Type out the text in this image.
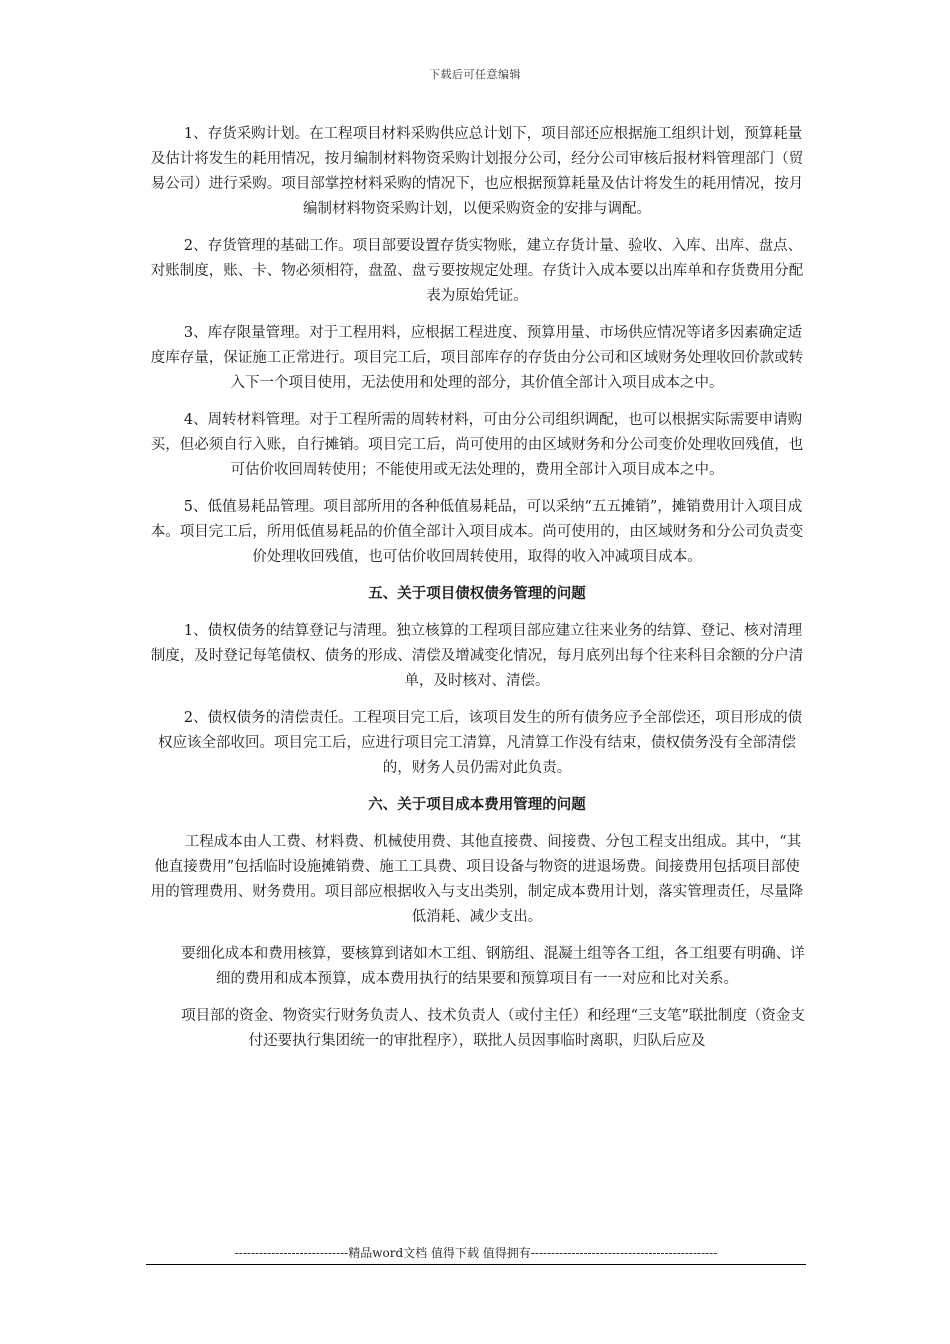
下载后可任意编辑

1、存货采购计划。在工程项目材料采购供应总计划下，项目部还应根据施工组织计划，预算耗量及估计将发生的耗用情况，按月编制材料物资采购计划报分公司，经分公司审核后报材料管理部门（贸易公司）进行采购。项目部掌控材料采购的情况下，也应根据预算耗量及估计将发生的耗用情况，按月编制材料物资采购计划，以便采购资金的安排与调配。

2、存货管理的基础工作。项目部要设置存货实物账，建立存货计量、验收、入库、出库、盘点、对账制度，账、卡、物必须相符，盘盈、盘亏要按规定处理。存货计入成本要以出库单和存货费用分配表为原始凭证。

3、库存限量管理。对于工程用料，应根据工程进度、预算用量、市场供应情况等诸多因素确定适度库存量，保证施工正常进行。项目完工后，项目部库存的存货由分公司和区域财务处理收回价款或转入下一个项目使用，无法使用和处理的部分，其价值全部计入项目成本之中。

4、周转材料管理。对于工程所需的周转材料，可由分公司组织调配，也可以根据实际需要申请购买，但必须自行入账，自行摊销。项目完工后，尚可使用的由区域财务和分公司变价处理收回残值，也可估价收回周转使用；不能使用或无法处理的，费用全部计入项目成本之中。

5、低值易耗品管理。项目部所用的各种低值易耗品，可以采纳“五五摊销”，摊销费用计入项目成本。项目完工后，所用低值易耗品的价值全部计入项目成本。尚可使用的，由区域财务和分公司负责变价处理收回残值，也可估价收回周转使用，取得的收入冲减项目成本。

五、关于项目债权债务管理的问题

1、债权债务的结算登记与清理。独立核算的工程项目部应建立往来业务的结算、登记、核对清理制度，及时登记每笔债权、债务的形成、清偿及增减变化情况，每月底列出每个往来科目余额的分户清单，及时核对、清偿。

2、债权债务的清偿责任。工程项目完工后，该项目发生的所有债务应予全部偿还，项目形成的债权应该全部收回。项目完工后，应进行项目完工清算，凡清算工作没有结束，债权债务没有全部清偿的，财务人员仍需对此负责。

六、关于项目成本费用管理的问题

工程成本由人工费、材料费、机械使用费、其他直接费、间接费、分包工程支出组成。其中，“其他直接费用”包括临时设施摊销费、施工工具费、项目设备与物资的进退场费。间接费用包括项目部使用的管理费用、财务费用。项目部应根据收入与支出类别，制定成本费用计划，落实管理责任，尽量降低消耗、减少支出。

要细化成本和费用核算，要核算到诸如木工组、钢筋组、混凝土组等各工组，各工组要有明确、详细的费用和成本预算，成本费用执行的结果要和预算项目有一一对应和比对关系。

项目部的资金、物资实行财务负责人、技术负责人（或付主任）和经理“三支笔”联批制度（资金支付还要执行集团统一的审批程序），联批人员因事临时离职，归队后应及

----------------------------精品word文档 值得下载 值得拥有----------------------------------------------
